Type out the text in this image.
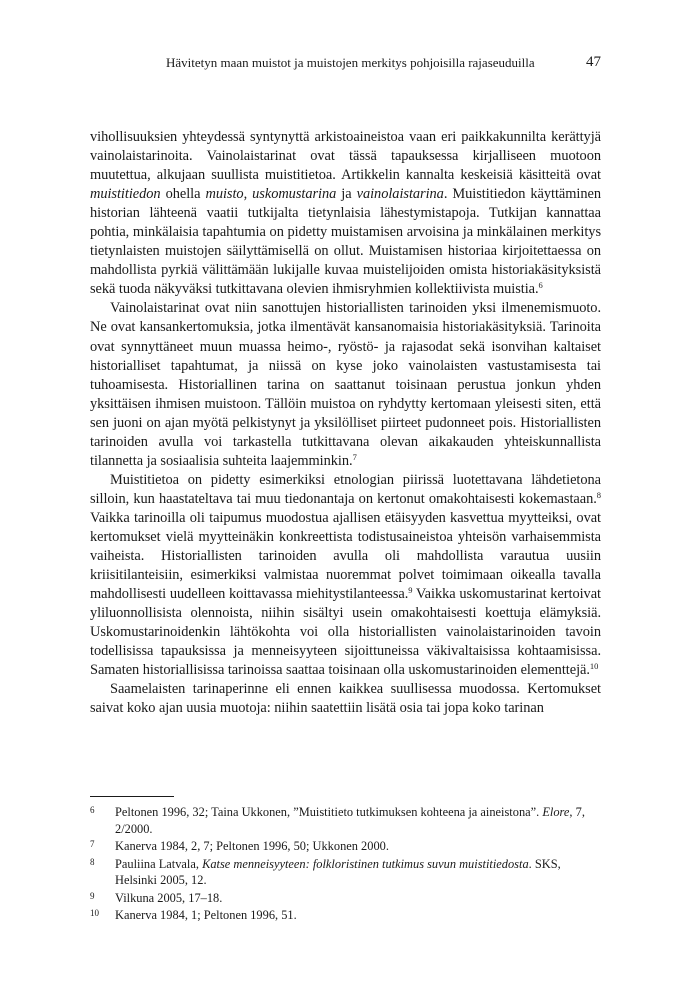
Hävitetyn maan muistot ja muistojen merkitys pohjoisilla rajaseuduilla	47

vihollisuuksien yhteydessä syntynyttä arkistoaineistoa vaan eri paikkakunnilta kerättyjä vainolaistarinoita. Vainolaistarinat ovat tässä tapauksessa kirjalliseen muotoon muutettua, alkujaan suullista muistitietoa. Artikkelin kannalta keskeisiä käsitteitä ovat muistitiedon ohella muisto, uskomustarina ja vainolaistarina. Muistitiedon käyttäminen historian lähteenä vaatii tutkijalta tietynlaisia lähestymistapoja. Tutkijan kannattaa pohtia, minkälaisia tapahtumia on pidetty muistamisen arvoisina ja minkälainen merkitys tietynlaisten muistojen säilyttämisellä on ollut. Muistamisen historiaa kirjoitettaessa on mahdollista pyrkiä välittämään lukijalle kuvaa muistelijoiden omista historiakäsityksistä sekä tuoda näkyväksi tutkittavana olevien ihmisryhmien kollektiivista muistia.$^6$

Vainolaistarinat ovat niin sanottujen historiallisten tarinoiden yksi ilmenemismuoto. Ne ovat kansankertomuksia, jotka ilmentävät kansanomaisia historiakäsityksiä. Tarinoita ovat synnyttäneet muun muassa heimo-, ryöstö- ja rajasodat sekä isonvihan kaltaiset historialliset tapahtumat, ja niissä on kyse joko vainolaisten vastustamisesta tai tuhoamisesta. Historiallinen tarina on saattanut toisinaan perustua jonkun yhden yksittäisen ihmisen muistoon. Tällöin muistoa on ryhdytty kertomaan yleisesti siten, että sen juoni on ajan myötä pelkistynyt ja yksilölliset piirteet pudonneet pois. Historiallisten tarinoiden avulla voi tarkastella tutkittavana olevan aikakauden yhteiskunnallista tilannetta ja sosiaalisia suhteita laajemminkin.$^7$

Muistitietoa on pidetty esimerkiksi etnologian piirissä luotettavana lähdetietona silloin, kun haastateltava tai muu tiedonantaja on kertonut omakohtaisesti kokemastaan.$^8$ Vaikka tarinoilla oli taipumus muodostua ajallisen etäisyyden kasvettua myytteiksi, ovat kertomukset vielä myytteinäkin konkreettista todistusaineistoa yhteisön varhaisemmista vaiheista. Historiallisten tarinoiden avulla oli mahdollista varautua uusiin kriisitilanteisiin, esimerkiksi valmistaa nuoremmat polvet toimimaan oikealla tavalla mahdollisesti uudelleen koittavassa miehitystilanteessa.$^9$ Vaikka uskomustarinat kertoivat yliluonnollisista olennoista, niihin sisältyi usein omakohtaisesti koettuja elämyksiä. Uskomustarinoidenkin lähtökohta voi olla historiallisten vainolaistarinoiden tavoin todellisissa tapauksissa ja menneisyyteen sijoittuneissa väkivaltaisissa kohtaamisissa. Samaten historiallisissa tarinoissa saattaa toisinaan olla uskomustarinoiden elementtejä.$^{10}$

Saamelaisten tarinaperinne eli ennen kaikkea suullisessa muodossa. Kertomukset saivat koko ajan uusia muotoja: niihin saatettiin lisätä osia tai jopa koko tarinan

6 Peltonen 1996, 32; Taina Ukkonen, ”Muistitieto tutkimuksen kohteena ja aineistona”. Elore, 7, 2/2000.
7 Kanerva 1984, 2, 7; Peltonen 1996, 50; Ukkonen 2000.
8 Pauliina Latvala, Katse menneisyyteen: folkloristinen tutkimus suvun muistitiedosta. SKS, Helsinki 2005, 12.
9 Vilkuna 2005, 17–18.
10 Kanerva 1984, 1; Peltonen 1996, 51.
